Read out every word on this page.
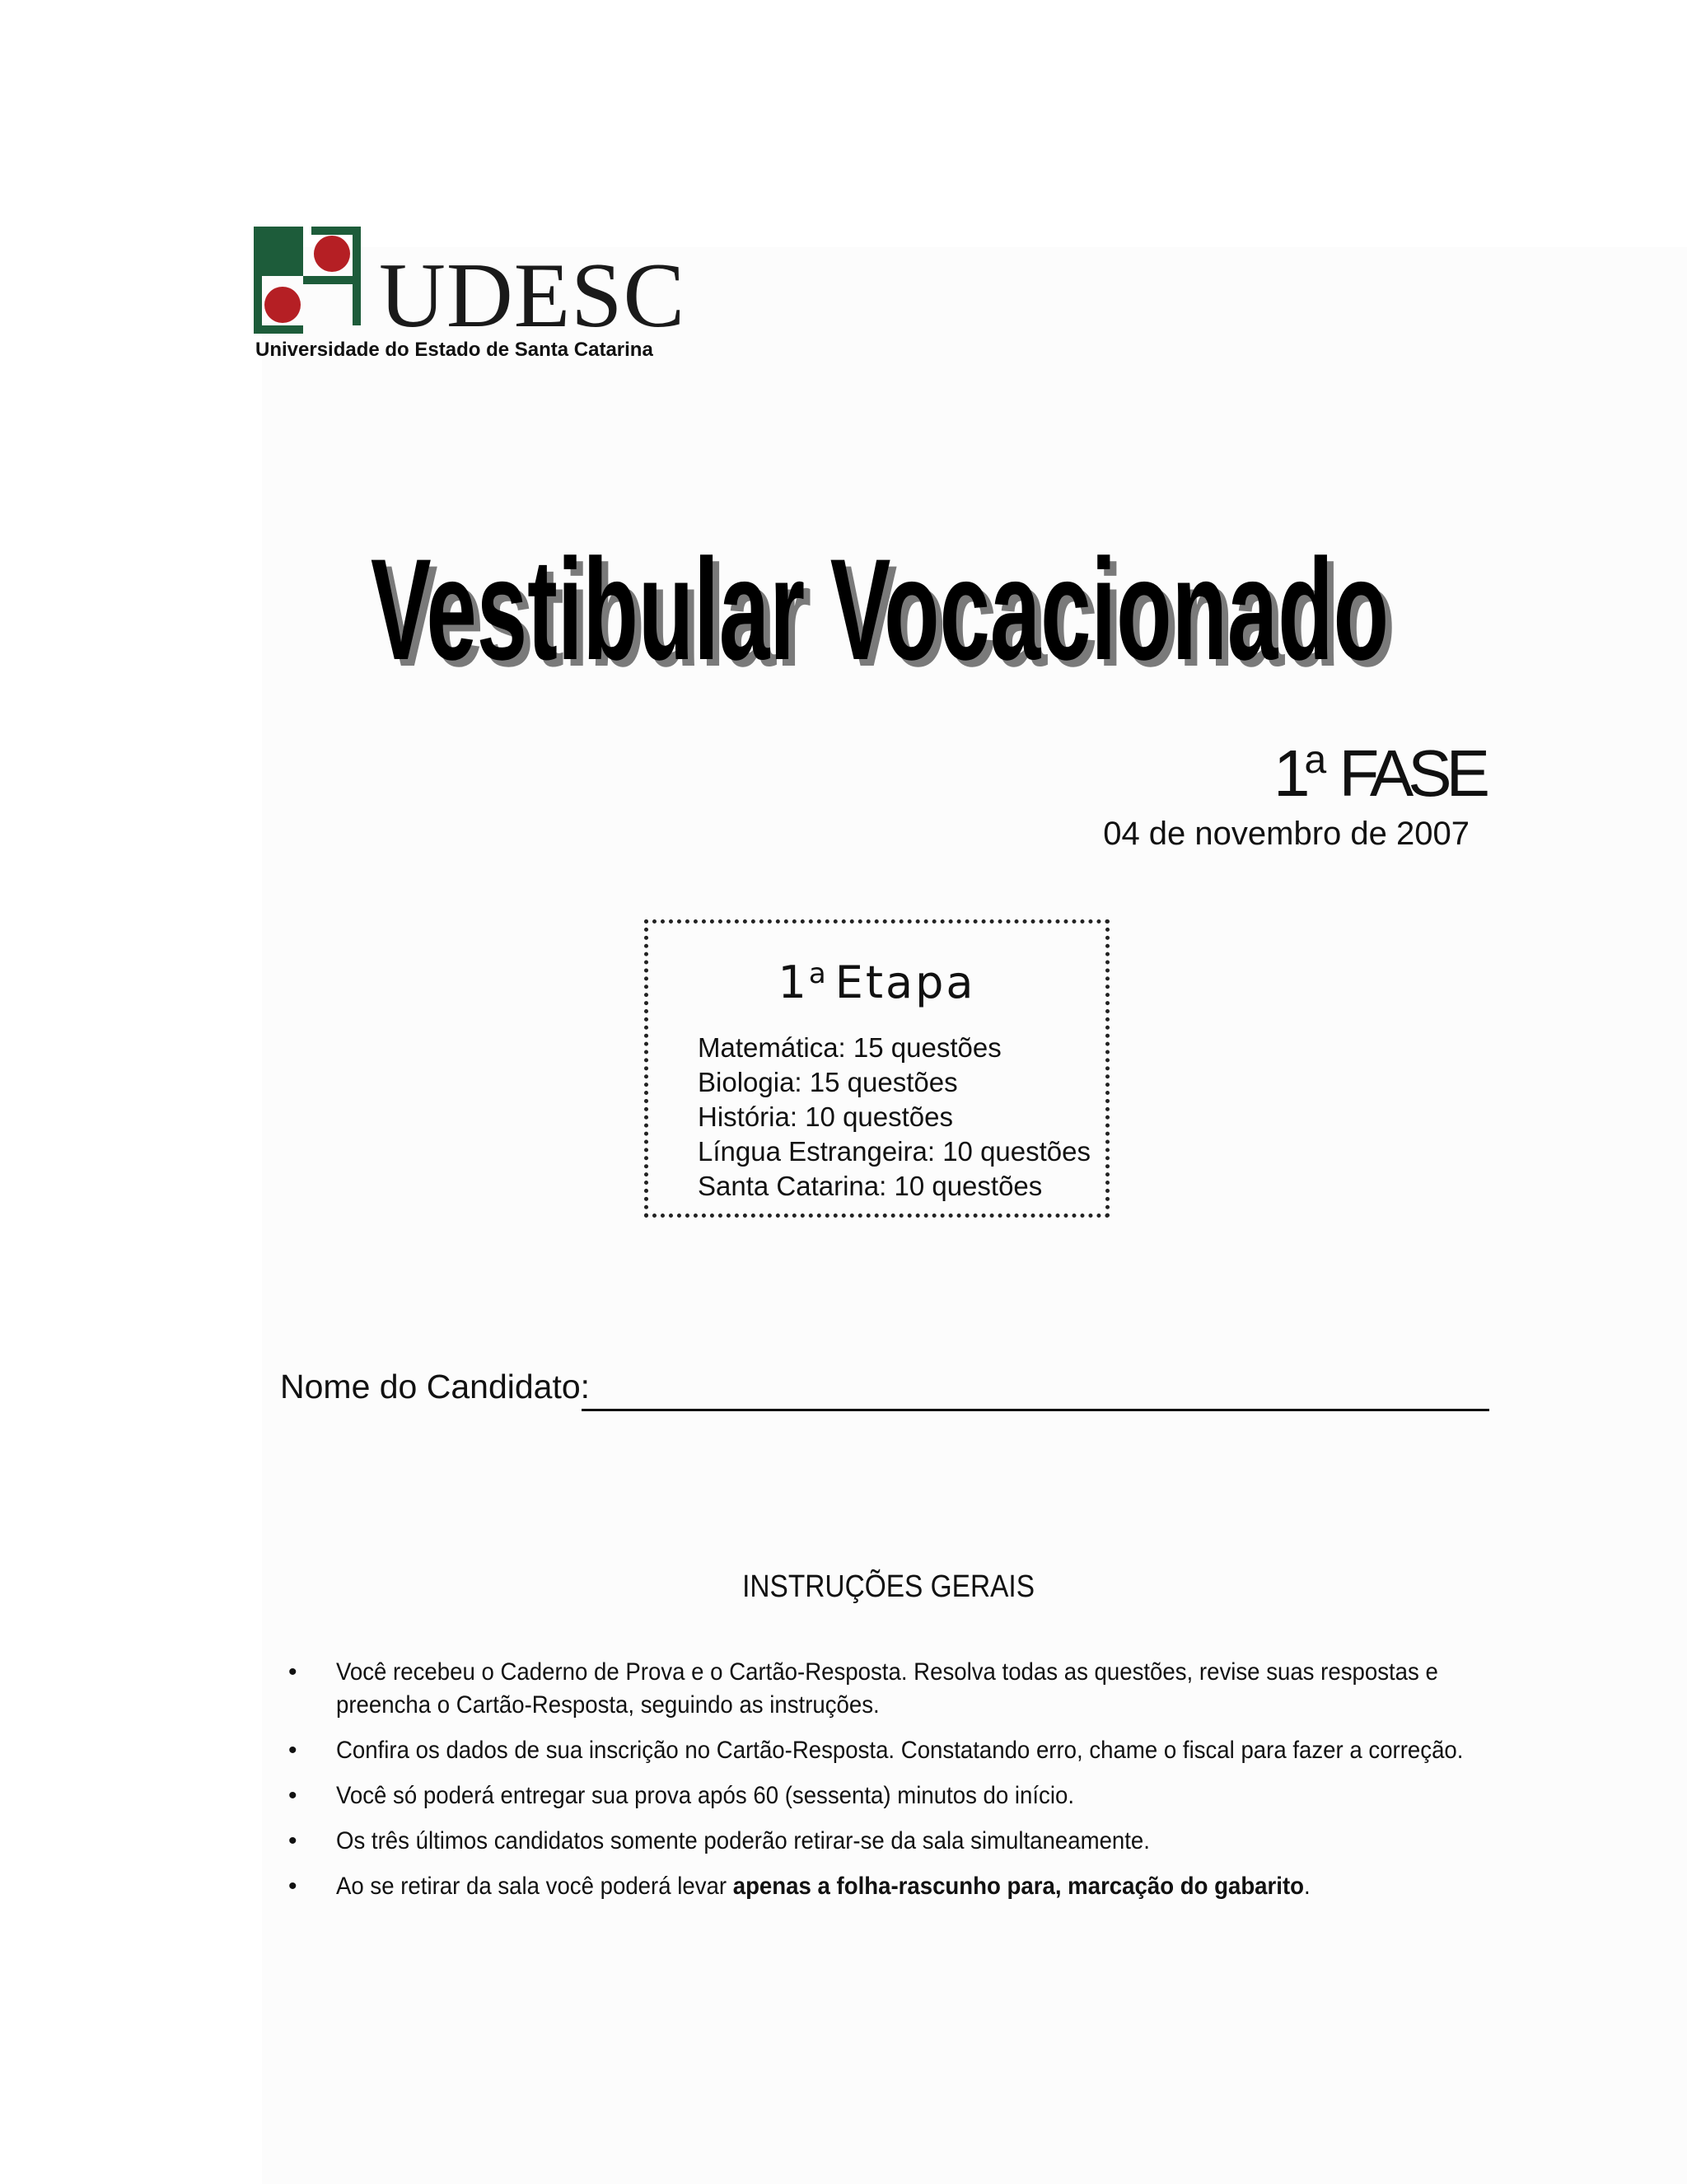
UDESC
Universidade do Estado de Santa Catarina
Vestibular Vocacionado
Vestibular Vocacionado
1$^a$ FASE
04 de novembro de 2007
1$^a$ Etapa
Matemática: 15 questões
Biologia: 15 questões
História: 10 questões
Língua Estrangeira: 10 questões
Santa Catarina: 10 questões
Nome do Candidato:
INSTRUÇÕES GERAIS
• Você recebeu o Caderno de Prova e o Cartão-Resposta. Resolva todas as questões, revise suas respostas e preencha o Cartão-Resposta, seguindo as instruções.
• Confira os dados de sua inscrição no Cartão-Resposta. Constatando erro, chame o fiscal para fazer a correção.
• Você só poderá entregar sua prova após 60 (sessenta) minutos do início.
• Os três últimos candidatos somente poderão retirar-se da sala simultaneamente.
• Ao se retirar da sala você poderá levar apenas a folha-rascunho para, marcação do gabarito.
